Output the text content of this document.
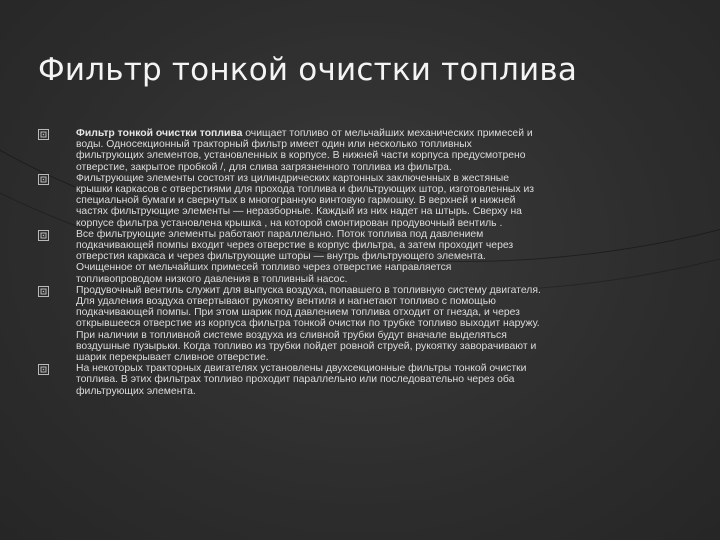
Фильтр тонкой очистки топлива

Фильтр тонкой очистки топлива очищает топливо от мельчайших механических примесей и
воды. Односекционный тракторный фильтр имеет один или несколько топливных
фильтрующих элементов, установленных в корпусе. В нижней части корпуса предусмотрено
отверстие, закрытое пробкой /, для слива загрязненного топлива из фильтра.

Фильтрующие элементы состоят из цилиндрических картонных заключенных в жестяные
крышки каркасов с отверстиями для прохода топлива и фильтрующих штор, изготовленных из
специальной бумаги и свернутых в многогранную винтовую гармошку. В верхней и нижней
частях фильтрующие элементы — неразборные. Каждый из них надет на штырь. Сверху на
корпусе фильтра установлена крышка , на которой смонтирован продувочный вентиль .

Все фильтрующие элементы работают параллельно. Поток топлива под давлением
подкачивающей помпы входит через отверстие в корпус фильтра, а затем проходит через
отверстия каркаса и через фильтрующие шторы — внутрь фильтрующего элемента.
Очищенное от мельчайших примесей топливо через отверстие направляется
топливопроводом низкого давления в топливный насос.

Продувочный вентиль служит для выпуска воздуха, попавшего в топливную систему двигателя.
Для удаления воздуха отвертывают рукоятку вентиля и нагнетают топливо с помощью
подкачивающей помпы. При этом шарик под давлением топлива отходит от гнезда, и через
открывшееся отверстие из корпуса фильтра тонкой очистки по трубке топливо выходит наружу.
При наличии в топливной системе воздуха из сливной трубки будут вначале выделяться
воздушные пузырьки. Когда топливо из трубки пойдет ровной струей, рукоятку заворачивают и
шарик перекрывает сливное отверстие.

На некоторых тракторных двигателях установлены двухсекционные фильтры тонкой очистки
топлива. В этих фильтрах топливо проходит параллельно или последовательно через оба
фильтрующих элемента.
